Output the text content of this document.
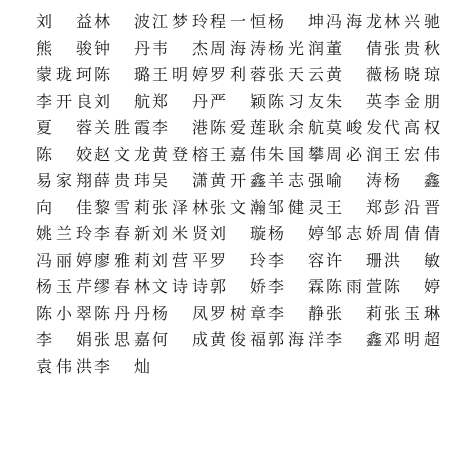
刘 益 林 波 江 梦 玲 程 一 恒 杨 坤 冯 海 龙 林 兴 驰
熊 骏 钟 丹 韦 杰 周 海 涛 杨 光 润 董 倩 张 贵 秋
蒙 珑 珂 陈 璐 王 明 婷 罗 利 蓉 张 天 云 黄 薇 杨 晓 琼
李 开 良 刘 航 郑 丹 严 颖 陈 习 友 朱 英 李 金 朋
夏 蓉 关 胜 霞 李 港 陈 爱 莲 耿 余 航 莫 峻 发 代 高 权
陈 姣 赵 文 龙 黄 登 榕 王 嘉 伟 朱 国 攀 周 必 润 王 宏 伟
易 家 翔 薛 贵 玮 吴 潇 黄 开 鑫 羊 志 强 喻 涛 杨 鑫
向 佳 黎 雪 莉 张 泽 林 张 文 瀚 邹 健 灵 王 郑 彭 沿 晋
姚 兰 玲 李 春 新 刘 米 贤 刘 璇 杨 婷 邹 志 娇 周 倩 倩
冯 丽 婷 廖 雅 莉 刘 营 平 罗 玲 李 容 许 珊 洪 敏
杨 玉 芹 缪 春 林 文 诗 诗 郭 娇 李 霖 陈 雨 萱 陈 婷
陈 小 翠 陈 丹 丹 杨 凤 罗 树 章 李 静 张 莉 张 玉 琳
李 娟 张 思 嘉 何 成 黄 俊 福 郭 海 洋 李 鑫 邓 明 超
袁 伟 洪 李 灿
